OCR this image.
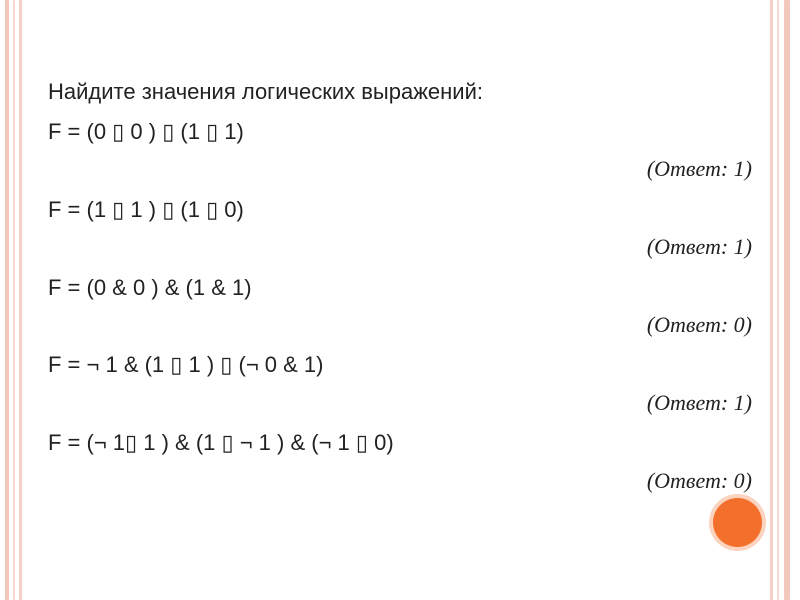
Найдите значения логических выражений:
F = (0 ▯ 0 ) ▯ (1 ▯ 1)
(Ответ: 1)
F = (1 ▯ 1 ) ▯ (1 ▯ 0)
(Ответ: 1)
F = (0 & 0 ) & (1 & 1)
(Ответ: 0)
F = ¬ 1 & (1 ▯ 1 ) ▯ (¬ 0 & 1)
(Ответ: 1)
F = (¬ 1▯ 1 ) & (1 ▯ ¬ 1 ) & (¬ 1 ▯ 0)
(Ответ: 0)
